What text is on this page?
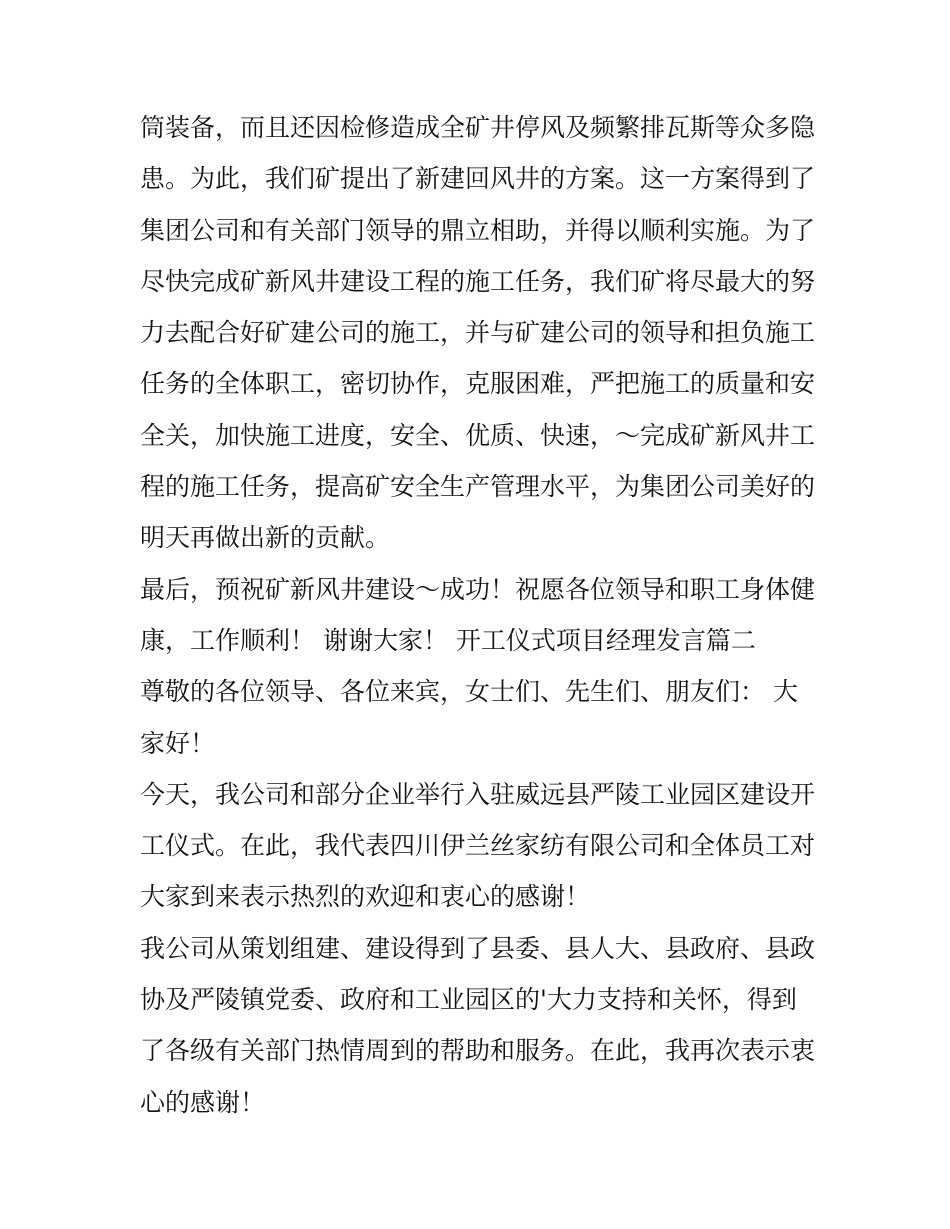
筒装备，而且还因检修造成全矿井停风及频繁排瓦斯等众多隐
患。为此，我们矿提出了新建回风井的方案。这一方案得到了
集团公司和有关部门领导的鼎立相助，并得以顺利实施。为了
尽快完成矿新风井建设工程的施工任务，我们矿将尽最大的努
力去配合好矿建公司的施工，并与矿建公司的领导和担负施工
任务的全体职工，密切协作，克服困难，严把施工的质量和安
全关，加快施工进度，安全、优质、快速，～完成矿新风井工
程的施工任务，提高矿安全生产管理水平，为集团公司美好的
明天再做出新的贡献。
最后，预祝矿新风井建设～成功！祝愿各位领导和职工身体健
康，工作顺利！ 谢谢大家！ 开工仪式项目经理发言篇二
尊敬的各位领导、各位来宾，女士们、先生们、朋友们： 大
家好！
今天，我公司和部分企业举行入驻威远县严陵工业园区建设开
工仪式。在此，我代表四川伊兰丝家纺有限公司和全体员工对
大家到来表示热烈的欢迎和衷心的感谢！
我公司从策划组建、建设得到了县委、县人大、县政府、县政
协及严陵镇党委、政府和工业园区的'大力支持和关怀，得到
了各级有关部门热情周到的帮助和服务。在此，我再次表示衷
心的感谢！
